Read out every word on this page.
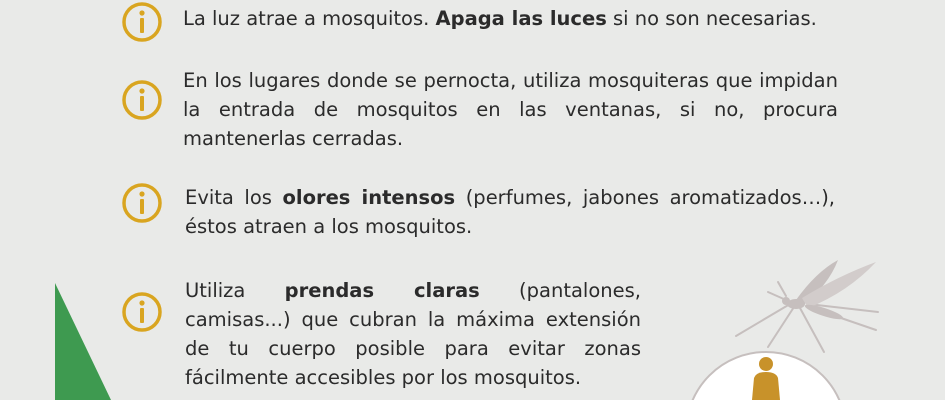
La luz atrae a mosquitos. Apaga las luces si no son necesarias.

En los lugares donde se pernocta, utiliza mosquiteras que impidan la entrada de mosquitos en las ventanas, si no, procura mantenerlas cerradas.

Evita los olores intensos (perfumes, jabones aromatizados…), éstos atraen a los mosquitos.

Utiliza prendas claras (pantalones, camisas...) que cubran la máxima extensión de tu cuerpo posible para evitar zonas fácilmente accesibles por los mosquitos.
